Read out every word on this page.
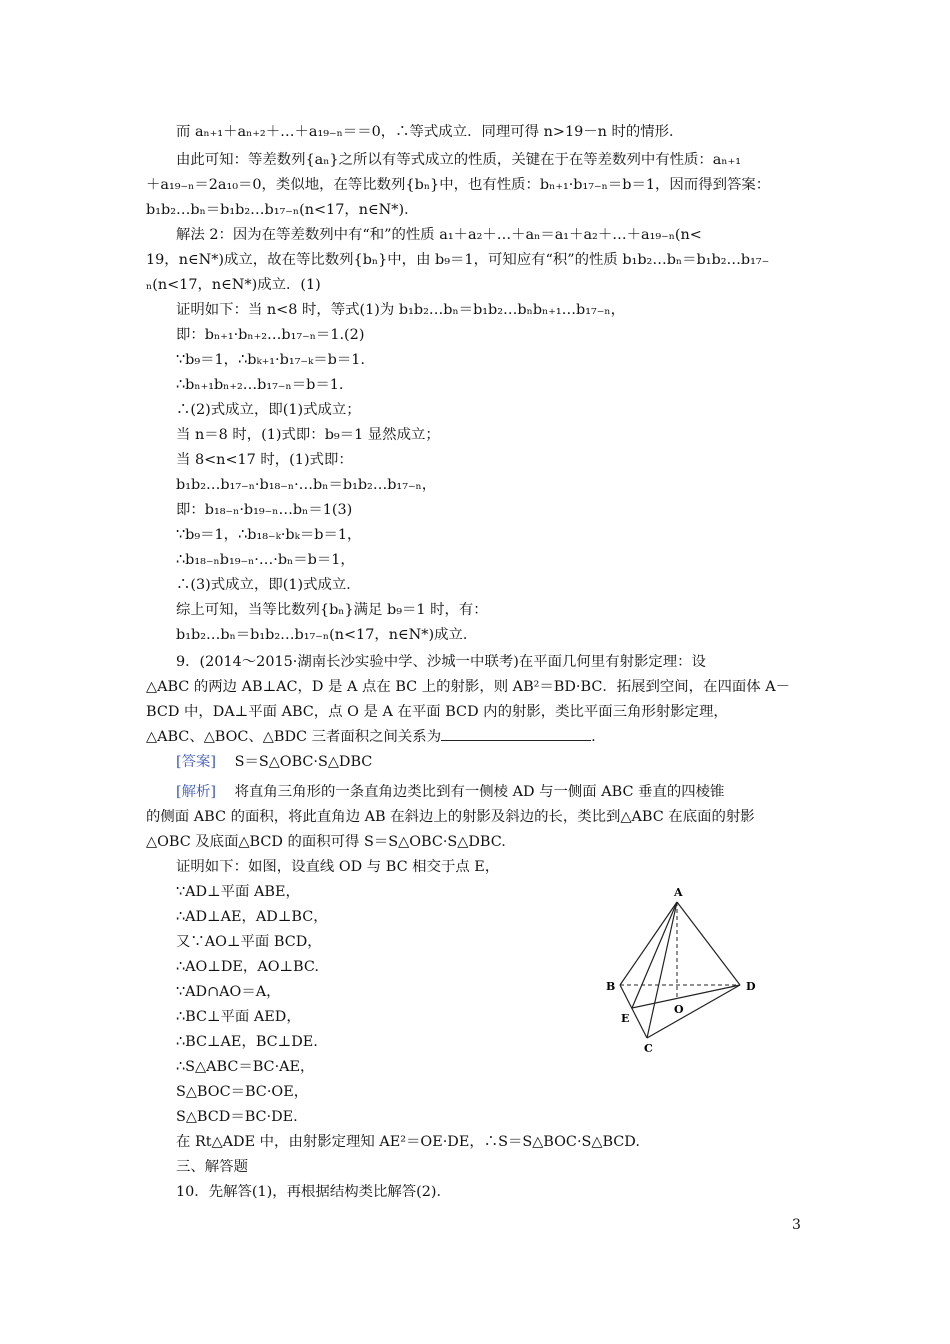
而 aₙ₊₁＋aₙ₊₂＋…＋a₁₉₋ₙ＝＝0，∴等式成立．同理可得 n>19－n 时的情形．
由此可知：等差数列{aₙ}之所以有等式成立的性质，关键在于在等差数列中有性质：aₙ₊₁
＋a₁₉₋ₙ＝2a₁₀＝0，类似地，在等比数列{bₙ}中，也有性质：bₙ₊₁·b₁₇₋ₙ＝b＝1，因而得到答案：
b₁b₂…bₙ＝b₁b₂…b₁₇₋ₙ(n<17，n∈N*)．
解法 2：因为在等差数列中有“和”的性质 a₁＋a₂＋…＋aₙ＝a₁＋a₂＋…＋a₁₉₋ₙ(n<
19，n∈N*)成立，故在等比数列{bₙ}中，由 b₉＝1，可知应有“积”的性质 b₁b₂…bₙ＝b₁b₂…b₁₇₋
ₙ(n<17，n∈N*)成立．(1)
证明如下：当 n<8 时，等式(1)为 b₁b₂…bₙ＝b₁b₂…bₙbₙ₊₁…b₁₇₋ₙ，
即：bₙ₊₁·bₙ₊₂…b₁₇₋ₙ＝1.(2)
∵b₉＝1，∴bₖ₊₁·b₁₇₋ₖ＝b＝1.
∴bₙ₊₁bₙ₊₂…b₁₇₋ₙ＝b＝1.
∴(2)式成立，即(1)式成立；
当 n＝8 时，(1)式即：b₉＝1 显然成立；
当 8<n<17 时，(1)式即：
b₁b₂…b₁₇₋ₙ·b₁₈₋ₙ·…bₙ＝b₁b₂…b₁₇₋ₙ，
即：b₁₈₋ₙ·b₁₉₋ₙ…bₙ＝1(3)
∵b₉＝1，∴b₁₈₋ₖ·bₖ＝b＝1，
∴b₁₈₋ₙb₁₉₋ₙ·…·bₙ＝b＝1，
∴(3)式成立，即(1)式成立．
综上可知，当等比数列{bₙ}满足 b₉＝1 时，有：
b₁b₂…bₙ＝b₁b₂…b₁₇₋ₙ(n<17，n∈N*)成立．
9．(2014～2015·湖南长沙实验中学、沙城一中联考)在平面几何里有射影定理：设
△ABC 的两边 AB⊥AC，D 是 A 点在 BC 上的射影，则 AB²＝BD·BC．拓展到空间，在四面体 A－
BCD 中，DA⊥平面 ABC，点 O 是 A 在平面 BCD 内的射影，类比平面三角形射影定理，
△ABC、△BOC、△BDC 三者面积之间关系为	.
的侧面 ABC 的面积，将此直角边 AB 在斜边上的射影及斜边的长，类比到△ABC 在底面的射影
△OBC 及底面△BCD 的面积可得 S＝S△OBC·S△DBC.
证明如下：如图，设直线 OD 与 BC 相交于点 E，
∵AD⊥平面 ABE，
∴AD⊥AE，AD⊥BC，
又∵AO⊥平面 BCD，
∴AO⊥DE，AO⊥BC.
∵AD∩AO＝A，
∴BC⊥平面 AED，
∴BC⊥AE，BC⊥DE.
∴S△ABC＝BC·AE，
S△BOC＝BC·OE，
S△BCD＝BC·DE.
在 Rt△ADE 中，由射影定理知 AE²＝OE·DE，∴S＝S△BOC·S△BCD.
三、解答题
10．先解答(1)，再根据结构类比解答(2)．
[答案] S＝S△OBC·S△DBC
[解析] 将直角三角形的一条直角边类比到有一侧棱 AD 与一侧面 ABC 垂直的四棱锥
A
B
C
D
E
O
3
